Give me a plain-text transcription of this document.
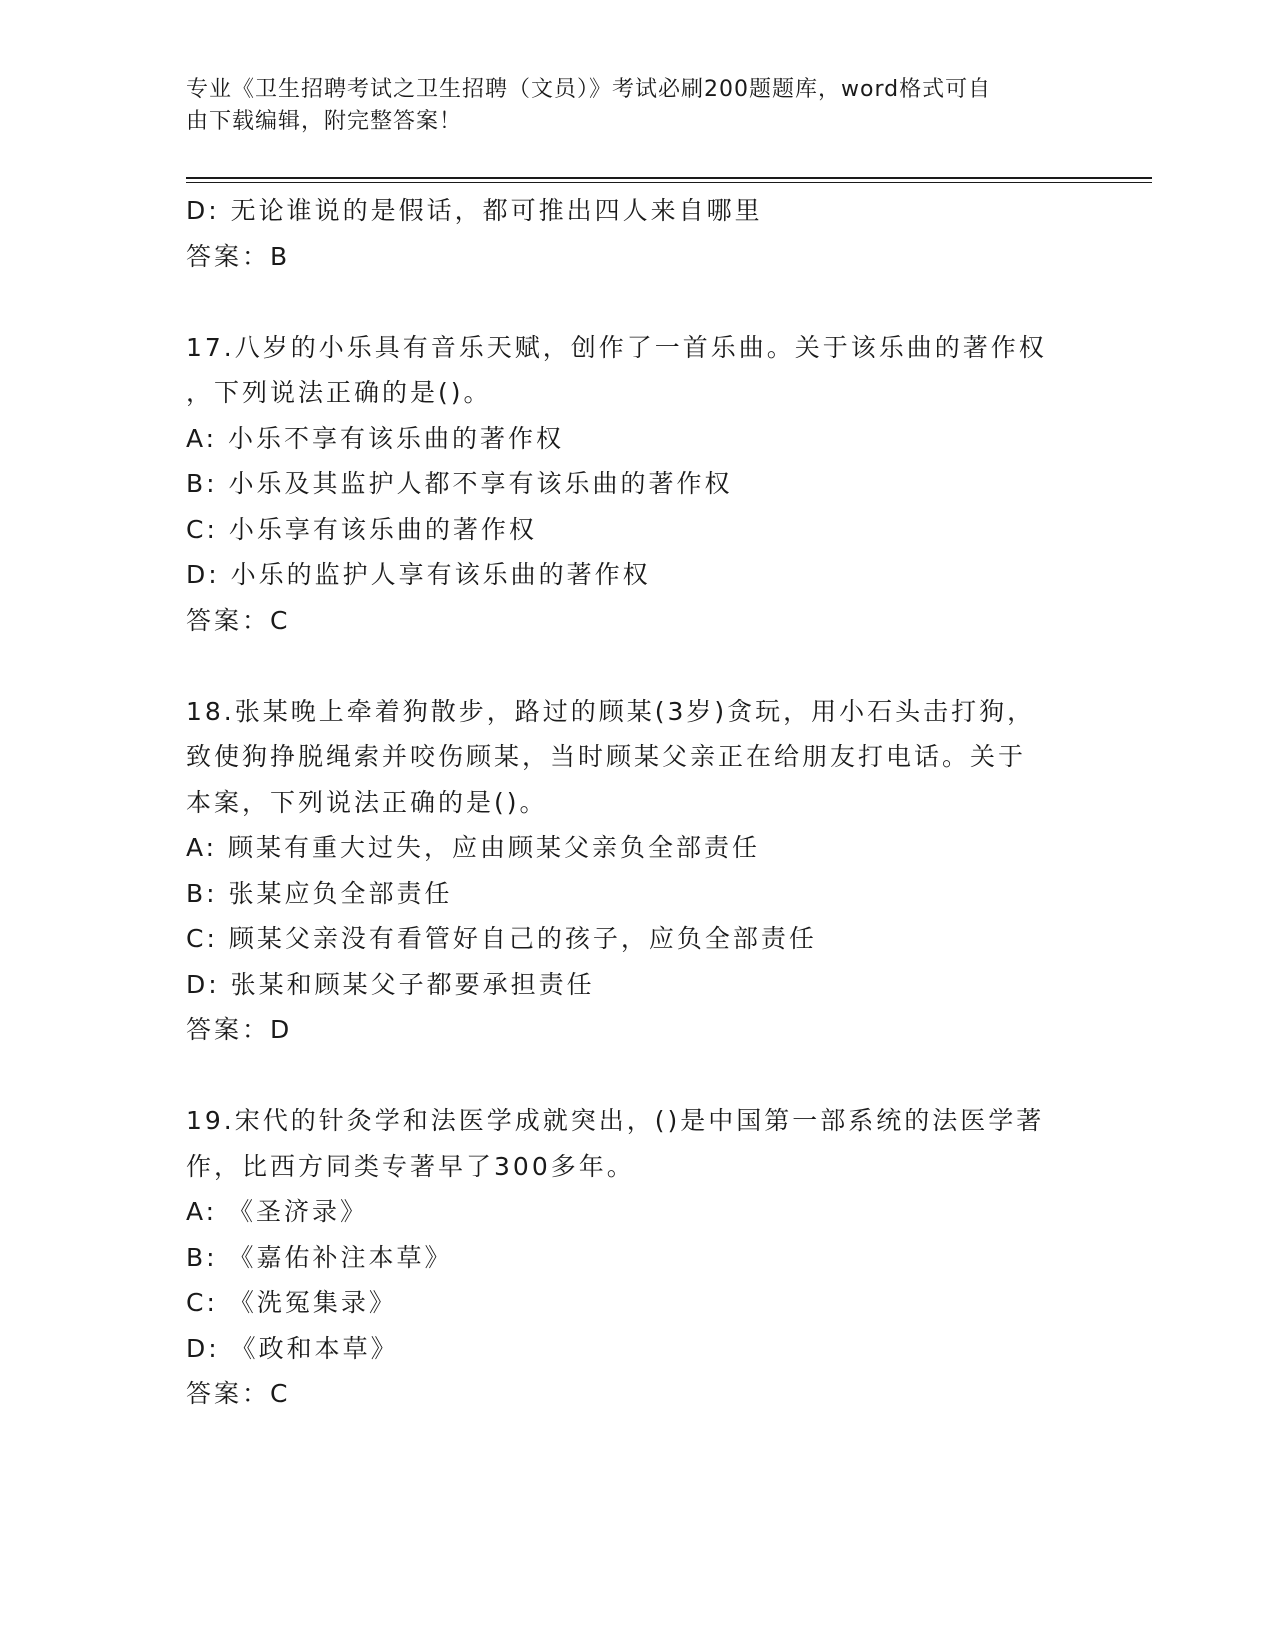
专业《卫生招聘考试之卫生招聘（文员）》考试必刷200题题库，word格式可自
由下载编辑，附完整答案！
D: 无论谁说的是假话，都可推出四人来自哪里
答案：B
17.八岁的小乐具有音乐天赋，创作了一首乐曲。关于该乐曲的著作权
，下列说法正确的是()。
A: 小乐不享有该乐曲的著作权
B: 小乐及其监护人都不享有该乐曲的著作权
C: 小乐享有该乐曲的著作权
D: 小乐的监护人享有该乐曲的著作权
答案：C
18.张某晚上牵着狗散步，路过的顾某(3岁)贪玩，用小石头击打狗，
致使狗挣脱绳索并咬伤顾某，当时顾某父亲正在给朋友打电话。关于
本案，下列说法正确的是()。
A: 顾某有重大过失，应由顾某父亲负全部责任
B: 张某应负全部责任
C: 顾某父亲没有看管好自己的孩子，应负全部责任
D: 张某和顾某父子都要承担责任
答案：D
19.宋代的针灸学和法医学成就突出，()是中国第一部系统的法医学著
作，比西方同类专著早了300多年。
A: 《圣济录》
B: 《嘉佑补注本草》
C: 《洗冤集录》
D: 《政和本草》
答案：C
